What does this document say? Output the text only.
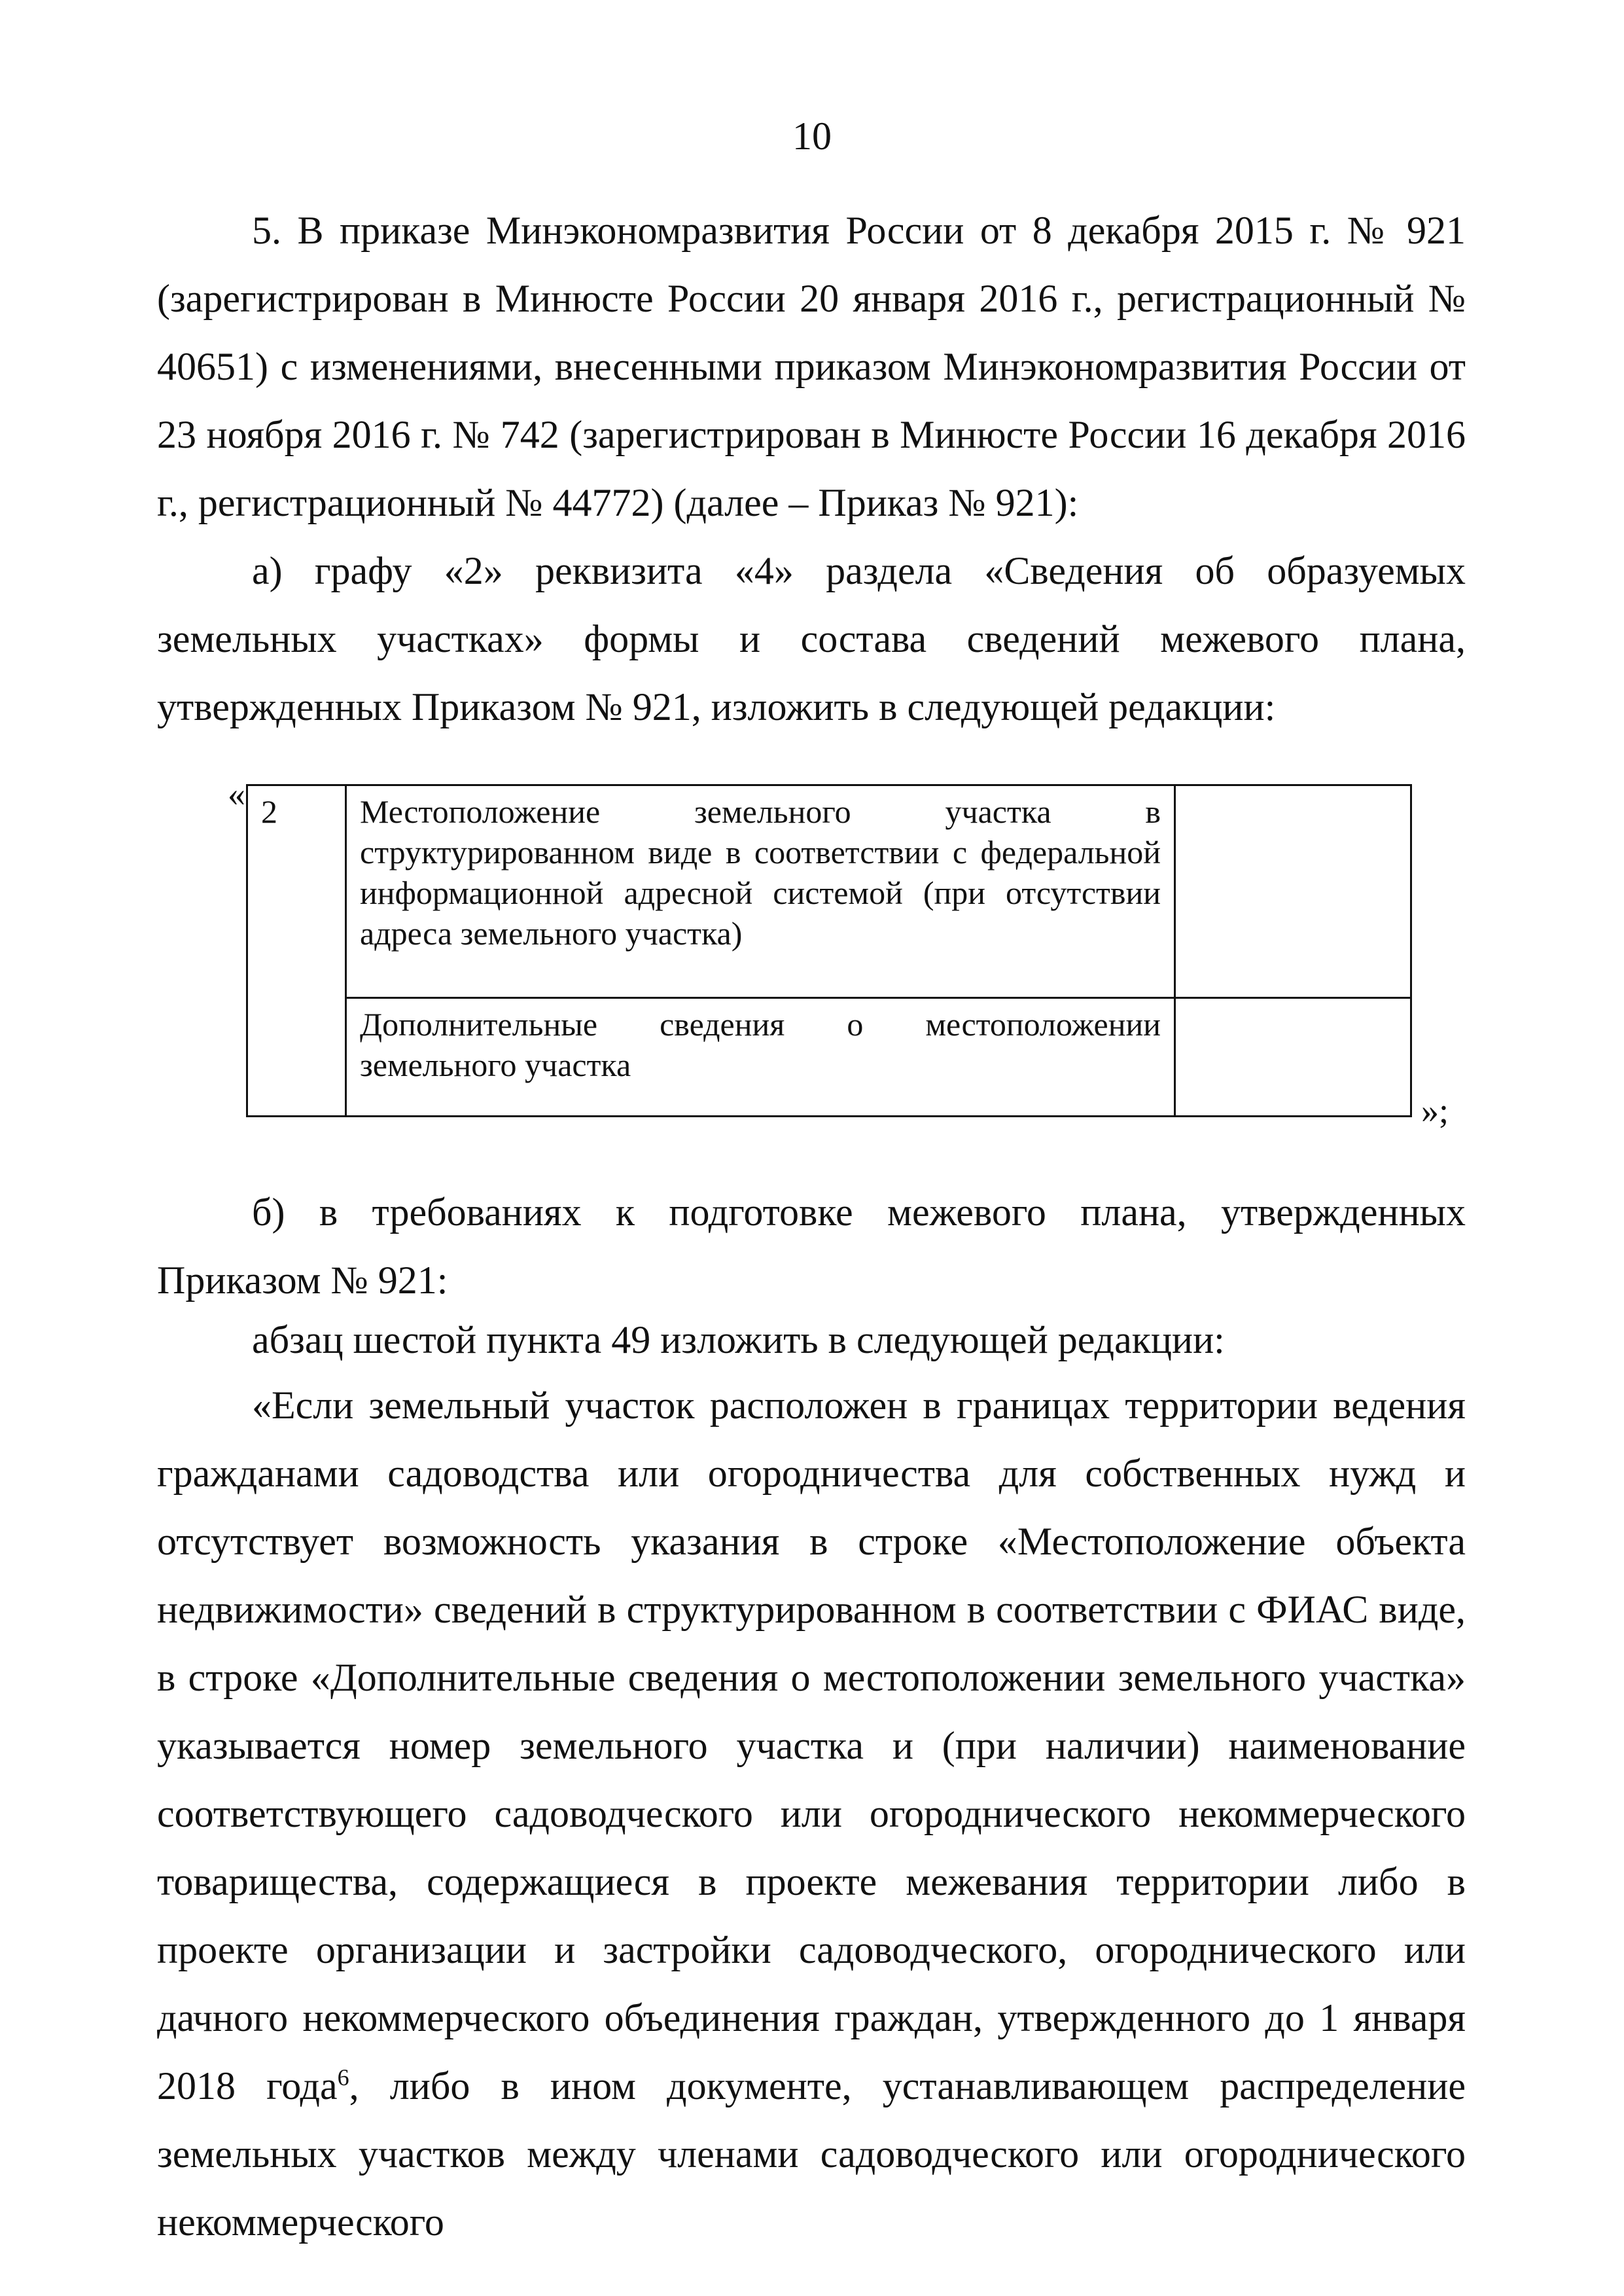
10

5. В приказе Минэкономразвития России от 8 декабря 2015 г. № 921 (зарегистрирован в Минюсте России 20 января 2016 г., регистрационный № 40651) с изменениями, внесенными приказом Минэкономразвития России от 23 ноября 2016 г. № 742 (зарегистрирован в Минюсте России 16 декабря 2016 г., регистрационный № 44772) (далее – Приказ № 921):

а) графу «2» реквизита «4» раздела «Сведения об образуемых земельных участках» формы и состава сведений межевого плана, утвержденных Приказом № 921, изложить в следующей редакции:

« 2	Местоположение земельного участка в структурированном виде в соответствии с федеральной информационной адресной системой (при отсутствии адреса земельного участка)	
	Дополнительные сведения о местоположении земельного участка	
»;

б) в требованиях к подготовке межевого плана, утвержденных Приказом № 921:

абзац шестой пункта 49 изложить в следующей редакции:

«Если земельный участок расположен в границах территории ведения гражданами садоводства или огородничества для собственных нужд и отсутствует возможность указания в строке «Местоположение объекта недвижимости» сведений в структурированном в соответствии с ФИАС виде, в строке «Дополнительные сведения о местоположении земельного участка» указывается номер земельного участка и (при наличии) наименование соответствующего садоводческого или огороднического некоммерческого товарищества, содержащиеся в проекте межевания территории либо в проекте организации и застройки садоводческого, огороднического или дачного некоммерческого объединения граждан, утвержденного до 1 января 2018 года$^6$, либо в ином документе, устанавливающем распределение земельных участков между членами садоводческого или огороднического некоммерческого
